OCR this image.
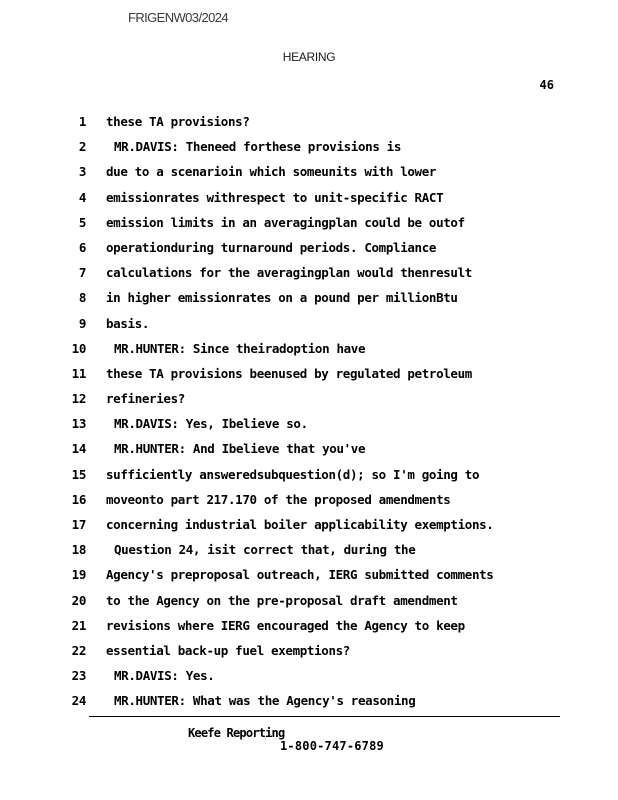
FRIGENW03/2024
HEARING
46
1 these TA provisions?
2 MR.DAVIS: Theneed forthese provisions is
3 due to a scenarioin which someunits with lower
4 emissionrates withrespect to unit-specific RACT
5 emission limits in an averagingplan could be outof
6 operationduring turnaround periods. Compliance
7 calculations for the averagingplan would thenresult
8 in higher emissionrates on a pound per millionBtu
9 basis.
10 MR.HUNTER: Since theiradoption have
11 these TA provisions beenused by regulated petroleum
12 refineries?
13 MR.DAVIS: Yes, Ibelieve so.
14 MR.HUNTER: And Ibelieve that you've
15 sufficiently answeredsubquestion(d); so I'm going to
16 moveonto part 217.170 of the proposed amendments
17 concerning industrial boiler applicability exemptions.
18 Question 24, isit correct that, during the
19 Agency's preproposal outreach, IERG submitted comments
20 to the Agency on the pre-proposal draft amendment
21 revisions where IERG encouraged the Agency to keep
22 essential back-up fuel exemptions?
23 MR.DAVIS: Yes.
24 MR.HUNTER: What was the Agency's reasoning
Keefe Reporting
1-800-747-6789
